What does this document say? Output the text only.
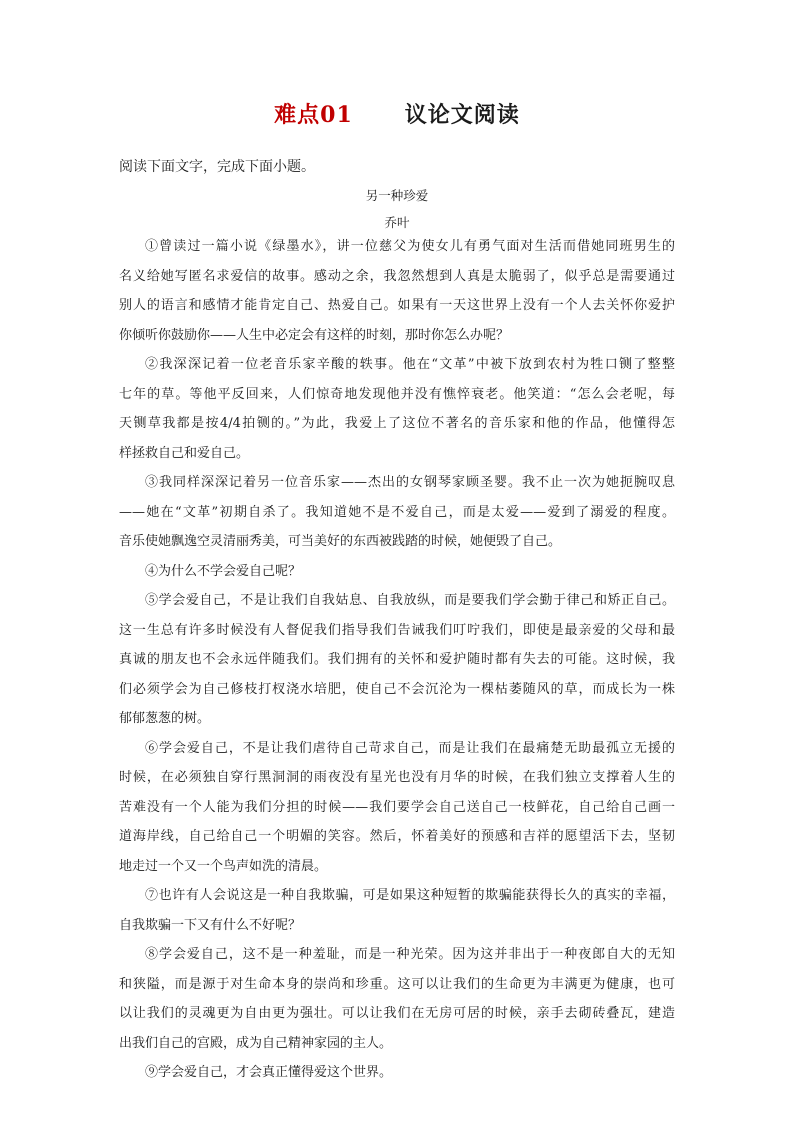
难点01 议论文阅读
阅读下面文字，完成下面小题。
另一种珍爱
乔叶

①曾读过一篇小说《绿墨水》，讲一位慈父为使女儿有勇气面对生活而借她同班男生的

名义给她写匿名求爱信的故事。感动之余，我忽然想到人真是太脆弱了，似乎总是需要通过

别人的语言和感情才能肯定自己、热爱自己。如果有一天这世界上没有一个人去关怀你爱护

你倾听你鼓励你——人生中必定会有这样的时刻，那时你怎么办呢？

②我深深记着一位老音乐家辛酸的轶事。他在“文革”中被下放到农村为牲口铡了整整

七年的草。等他平反回来，人们惊奇地发现他并没有憔悴衰老。他笑道：“怎么会老呢，每

天铡草我都是按4/4拍铡的。”为此，我爱上了这位不著名的音乐家和他的作品，他懂得怎

样拯救自己和爱自己。

③我同样深深记着另一位音乐家——杰出的女钢琴家顾圣婴。我不止一次为她扼腕叹息

——她在“文革”初期自杀了。我知道她不是不爱自己，而是太爱——爱到了溺爱的程度。

音乐使她飘逸空灵清丽秀美，可当美好的东西被践踏的时候，她便毁了自己。

④为什么不学会爱自己呢？

⑤学会爱自己，不是让我们自我姑息、自我放纵，而是要我们学会勤于律己和矫正自己。

这一生总有许多时候没有人督促我们指导我们告诫我们叮咛我们，即使是最亲爱的父母和最

真诚的朋友也不会永远伴随我们。我们拥有的关怀和爱护随时都有失去的可能。这时候，我

们必须学会为自己修枝打杈浇水培肥，使自己不会沉沦为一棵枯萎随风的草，而成长为一株

郁郁葱葱的树。

⑥学会爱自己，不是让我们虐待自己苛求自己，而是让我们在最痛楚无助最孤立无援的

时候，在必须独自穿行黑洞洞的雨夜没有星光也没有月华的时候，在我们独立支撑着人生的

苦难没有一个人能为我们分担的时候——我们要学会自己送自己一枝鲜花，自己给自己画一

道海岸线，自己给自己一个明媚的笑容。然后，怀着美好的预感和吉祥的愿望活下去，坚韧

地走过一个又一个鸟声如洗的清晨。

⑦也许有人会说这是一种自我欺骗，可是如果这种短暂的欺骗能获得长久的真实的幸福，

自我欺骗一下又有什么不好呢？

⑧学会爱自己，这不是一种羞耻，而是一种光荣。因为这并非出于一种夜郎自大的无知

和狭隘，而是源于对生命本身的崇尚和珍重。这可以让我们的生命更为丰满更为健康，也可

以让我们的灵魂更为自由更为强壮。可以让我们在无房可居的时候，亲手去砌砖叠瓦，建造

出我们自己的宫殿，成为自己精神家园的主人。

⑨学会爱自己，才会真正懂得爱这个世界。
